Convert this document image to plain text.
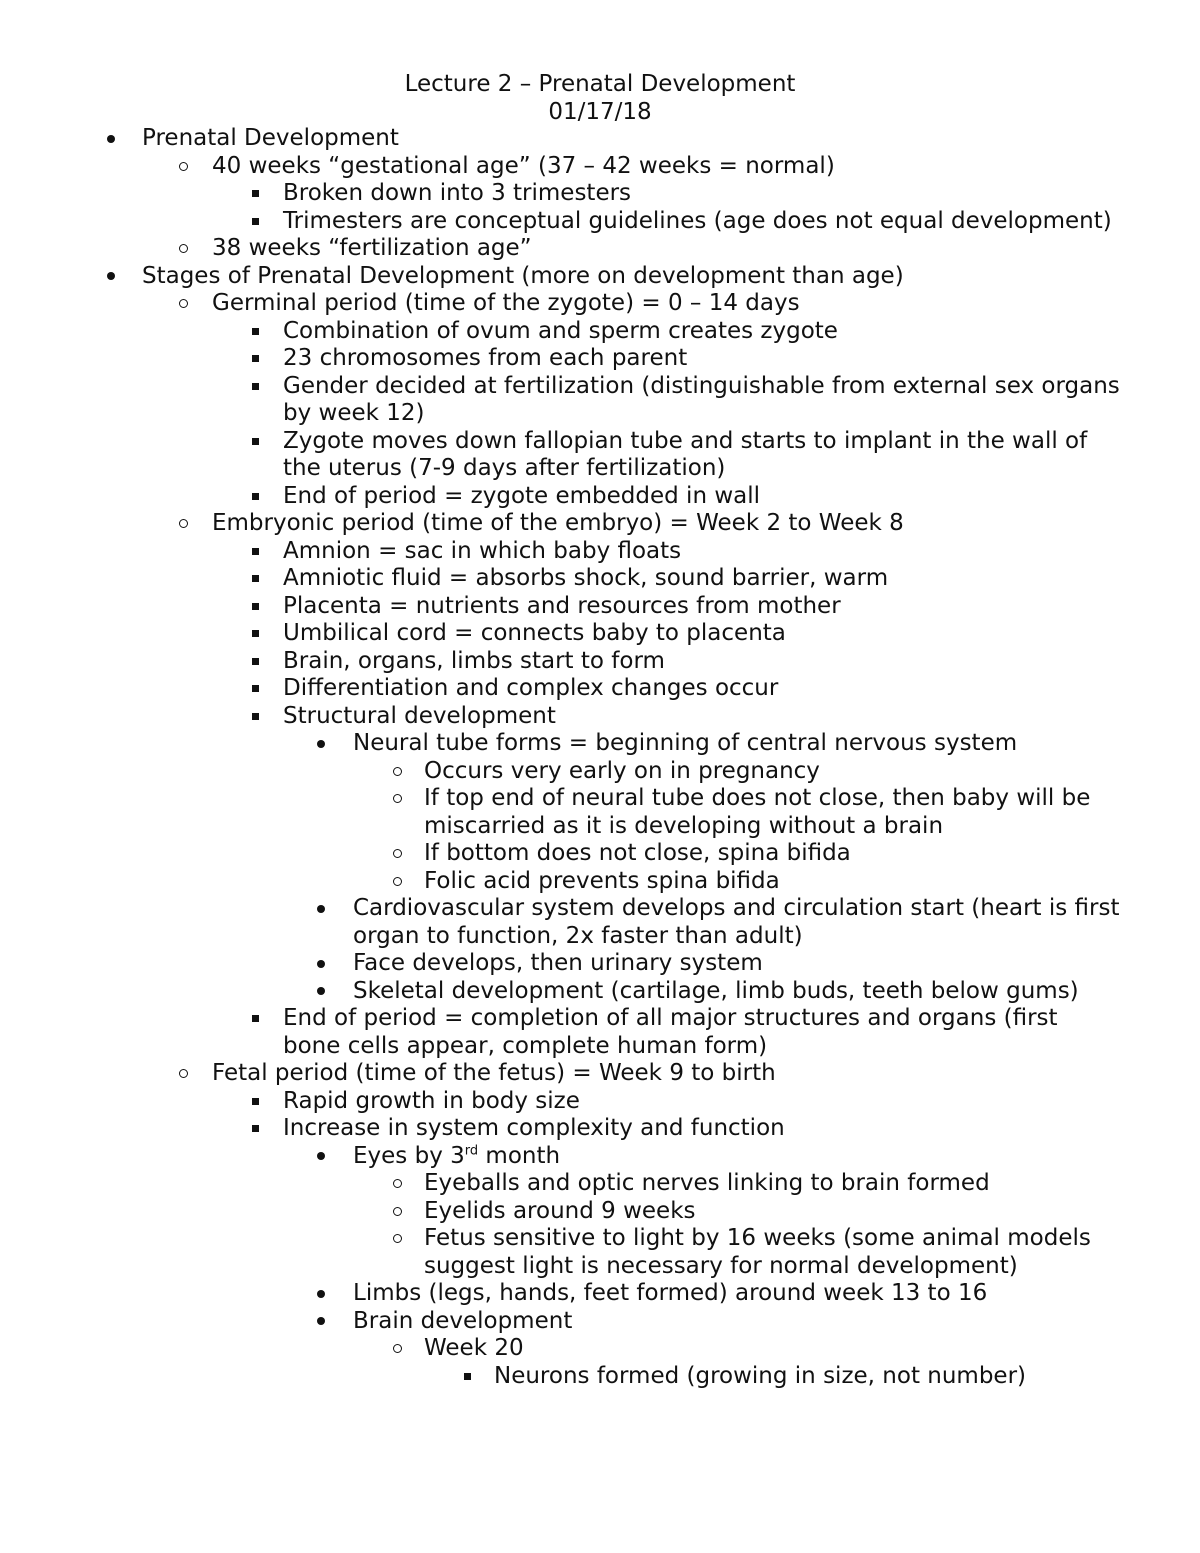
Lecture 2 – Prenatal Development
01/17/18
Prenatal Development
40 weeks “gestational age” (37 – 42 weeks = normal)
Broken down into 3 trimesters
Trimesters are conceptual guidelines (age does not equal development)
38 weeks “fertilization age”
Stages of Prenatal Development (more on development than age)
Germinal period (time of the zygote) = 0 – 14 days
Combination of ovum and sperm creates zygote
23 chromosomes from each parent
Gender decided at fertilization (distinguishable from external sex organs by week 12)
Zygote moves down fallopian tube and starts to implant in the wall of the uterus (7-9 days after fertilization)
End of period = zygote embedded in wall
Embryonic period (time of the embryo) = Week 2 to Week 8
Amnion = sac in which baby floats
Amniotic fluid = absorbs shock, sound barrier, warm
Placenta = nutrients and resources from mother
Umbilical cord = connects baby to placenta
Brain, organs, limbs start to form
Differentiation and complex changes occur
Structural development
Neural tube forms = beginning of central nervous system
Occurs very early on in pregnancy
If top end of neural tube does not close, then baby will be miscarried as it is developing without a brain
If bottom does not close, spina bifida
Folic acid prevents spina bifida
Cardiovascular system develops and circulation start (heart is first organ to function, 2x faster than adult)
Face develops, then urinary system
Skeletal development (cartilage, limb buds, teeth below gums)
End of period = completion of all major structures and organs (first bone cells appear, complete human form)
Fetal period (time of the fetus) = Week 9 to birth
Rapid growth in body size
Increase in system complexity and function
Eyes by 3rd month
Eyeballs and optic nerves linking to brain formed
Eyelids around 9 weeks
Fetus sensitive to light by 16 weeks (some animal models suggest light is necessary for normal development)
Limbs (legs, hands, feet formed) around week 13 to 16
Brain development
Week 20
Neurons formed (growing in size, not number)
